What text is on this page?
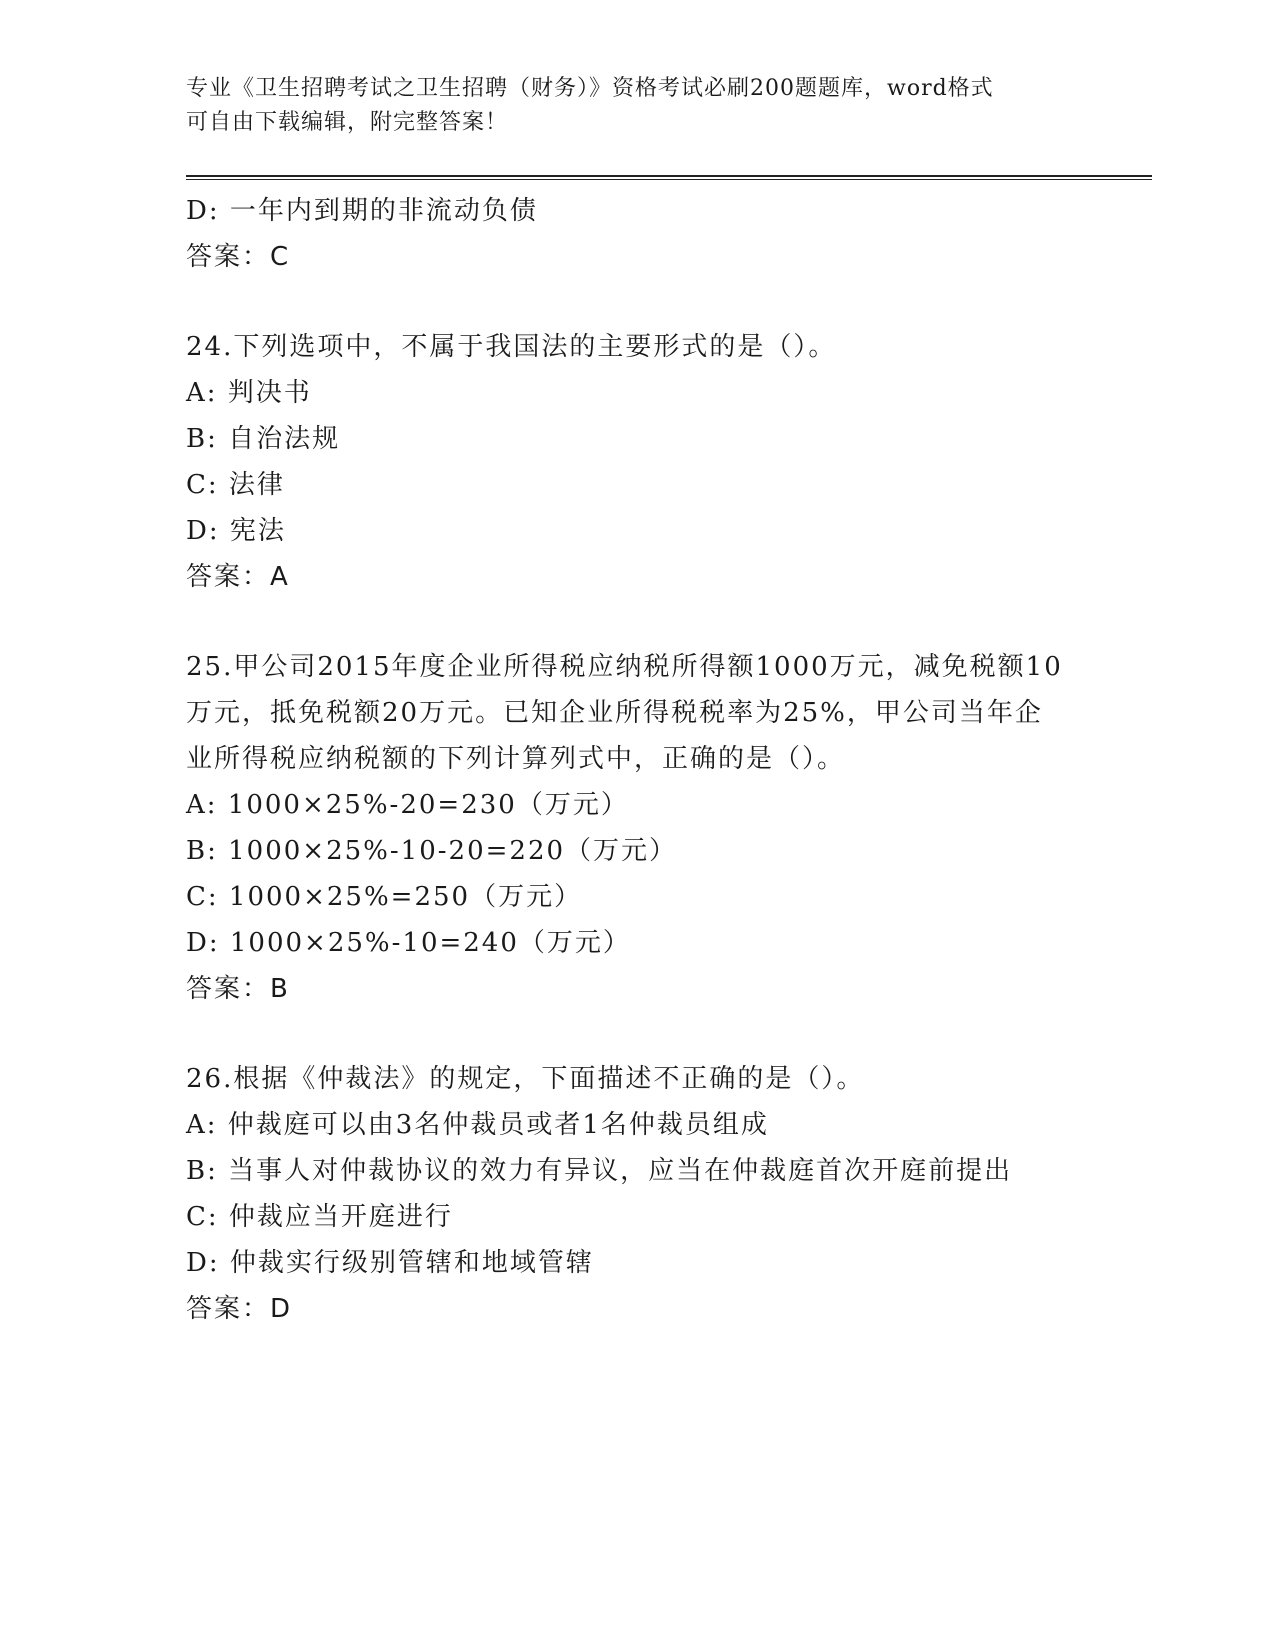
专业《卫生招聘考试之卫生招聘（财务）》资格考试必刷200题题库，word格式
可自由下载编辑，附完整答案！
D: 一年内到期的非流动负债
答案：C
24.下列选项中，不属于我国法的主要形式的是（）。
A: 判决书
B: 自治法规
C: 法律
D: 宪法
答案：A
25.甲公司2015年度企业所得税应纳税所得额1000万元，减免税额10
万元，抵免税额20万元。已知企业所得税税率为25%，甲公司当年企
业所得税应纳税额的下列计算列式中，正确的是（）。
A: 1000×25%-20=230（万元）
B: 1000×25%-10-20=220（万元）
C: 1000×25%=250（万元）
D: 1000×25%-10=240（万元）
答案：B
26.根据《仲裁法》的规定，下面描述不正确的是（）。
A: 仲裁庭可以由3名仲裁员或者1名仲裁员组成
B: 当事人对仲裁协议的效力有异议，应当在仲裁庭首次开庭前提出
C: 仲裁应当开庭进行
D: 仲裁实行级别管辖和地域管辖
答案：D
